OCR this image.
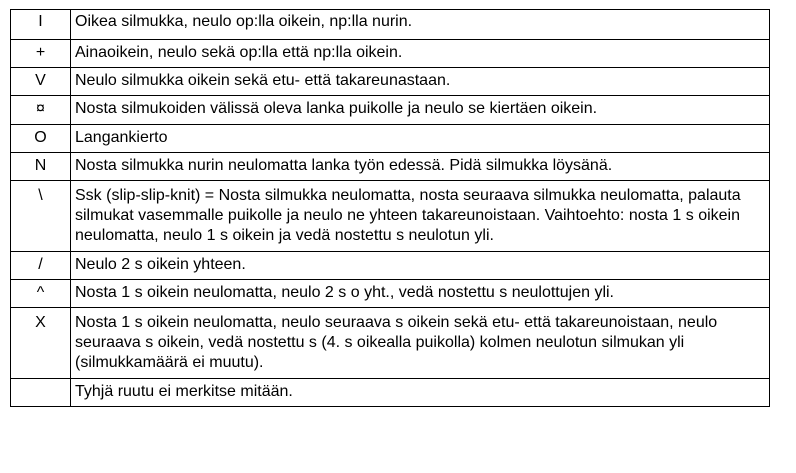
I	Oikea silmukka, neulo op:lla oikein, np:lla nurin.
+	Ainaoikein, neulo sekä op:lla että np:lla oikein.
V	Neulo silmukka oikein sekä etu- että takareunastaan.
¤	Nosta silmukoiden välissä oleva lanka puikolle ja neulo se kiertäen oikein.
O	Langankierto
N	Nosta silmukka nurin neulomatta lanka työn edessä. Pidä silmukka löysänä.
\	Ssk (slip-slip-knit) = Nosta silmukka neulomatta, nosta seuraava silmukka neulomatta, palauta silmukat vasemmalle puikolle ja neulo ne yhteen takareunoistaan. Vaihtoehto: nosta 1 s oikein neulomatta, neulo 1 s oikein ja vedä nostettu s neulotun yli.
/	Neulo 2 s oikein yhteen.
^	Nosta 1 s oikein neulomatta, neulo 2 s o yht., vedä nostettu s neulottujen yli.
X	Nosta 1 s oikein neulomatta, neulo seuraava s oikein sekä etu- että takareunoistaan, neulo seuraava s oikein, vedä nostettu s (4. s oikealla puikolla) kolmen neulotun silmukan yli (silmukkamäärä ei muutu).
	Tyhjä ruutu ei merkitse mitään.
